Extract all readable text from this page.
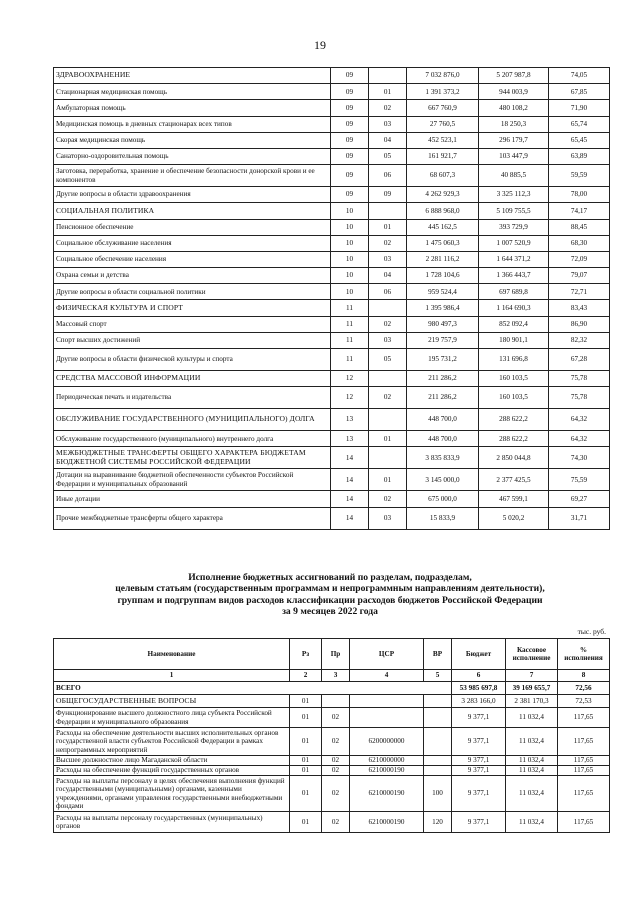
19
ЗДРАВООХРАНЕНИЕ	09		7 032 876,0	5 207 987,8	74,05
Стационарная медицинская помощь	09	01	1 391 373,2	944 003,9	67,85
Амбулаторная помощь	09	02	667 760,9	480 108,2	71,90
Медицинская помощь в дневных стационарах всех типов	09	03	27 760,5	18 250,3	65,74
Скорая медицинская помощь	09	04	452 523,1	296 179,7	65,45
Санаторно-оздоровительная помощь	09	05	161 921,7	103 447,9	63,89
Заготовка, переработка, хранение и обеспечение безопасности донорской крови и ее компонентов	09	06	68 607,3	40 885,5	59,59
Другие вопросы в области здравоохранения	09	09	4 262 929,3	3 325 112,3	78,00
СОЦИАЛЬНАЯ ПОЛИТИКА	10		6 888 968,0	5 109 755,5	74,17
Пенсионное обеспечение	10	01	445 162,5	393 729,9	88,45
Социальное обслуживание населения	10	02	1 475 060,3	1 007 520,9	68,30
Социальное обеспечение населения	10	03	2 281 116,2	1 644 371,2	72,09
Охрана семьи и детства	10	04	1 728 104,6	1 366 443,7	79,07
Другие вопросы в области социальной политики	10	06	959 524,4	697 689,8	72,71
ФИЗИЧЕСКАЯ КУЛЬТУРА И СПОРТ	11		1 395 986,4	1 164 690,3	83,43
Массовый спорт	11	02	980 497,3	852 092,4	86,90
Спорт высших достижений	11	03	219 757,9	180 901,1	82,32
Другие вопросы в области физической культуры и спорта	11	05	195 731,2	131 696,8	67,28
СРЕДСТВА МАССОВОЙ ИНФОРМАЦИИ	12		211 286,2	160 103,5	75,78
Периодическая печать и издательства	12	02	211 286,2	160 103,5	75,78
ОБСЛУЖИВАНИЕ ГОСУДАРСТВЕННОГО (МУНИЦИПАЛЬНОГО) ДОЛГА	13		448 700,0	288 622,2	64,32
Обслуживание государственного (муниципального) внутреннего долга	13	01	448 700,0	288 622,2	64,32
МЕЖБЮДЖЕТНЫЕ ТРАНСФЕРТЫ ОБЩЕГО ХАРАКТЕРА БЮДЖЕТАМ БЮДЖЕТНОЙ СИСТЕМЫ РОССИЙСКОЙ ФЕДЕРАЦИИ	14		3 835 833,9	2 850 044,8	74,30
Дотации на выравнивание бюджетной обеспеченности субъектов Российской Федерации и муниципальных образований	14	01	3 145 000,0	2 377 425,5	75,59
Иные дотации	14	02	675 000,0	467 599,1	69,27
Прочие межбюджетные трансферты общего характера	14	03	15 833,9	5 020,2	31,71
Исполнение бюджетных ассигнований по разделам, подразделам,
целевым статьям (государственным программам и непрограммным направлениям деятельности),
группам и подгруппам видов расходов классификации расходов бюджетов Российской Федерации
за 9 месяцев 2022 года
тыс. руб.
Наименование	Рз	Пр	ЦСР	ВР	Бюджет	Кассовое исполнение	% исполнения
1	2	3	4	5	6	7	8
ВСЕГО					53 985 697,8	39 169 655,7	72,56
ОБЩЕГОСУДАРСТВЕННЫЕ ВОПРОСЫ	01				3 283 166,0	2 381 170,3	72,53
Функционирование высшего должностного лица субъекта Российской Федерации и муниципального образования	01	02			9 377,1	11 032,4	117,65
Расходы на обеспечение деятельности высших исполнительных органов государственной власти субъектов Российской Федерации в рамках непрограммных мероприятий	01	02	6200000000		9 377,1	11 032,4	117,65
Высшее должностное лицо Магаданской области	01	02	6210000000		9 377,1	11 032,4	117,65
Расходы на обеспечение функций государственных органов	01	02	6210000190		9 377,1	11 032,4	117,65
Расходы на выплаты персоналу в целях обеспечения выполнения функций государственными (муниципальными) органами, казенными учреждениями, органами управления государственными внебюджетными фондами	01	02	6210000190	100	9 377,1	11 032,4	117,65
Расходы на выплаты персоналу государственных (муниципальных) органов	01	02	6210000190	120	9 377,1	11 032,4	117,65
